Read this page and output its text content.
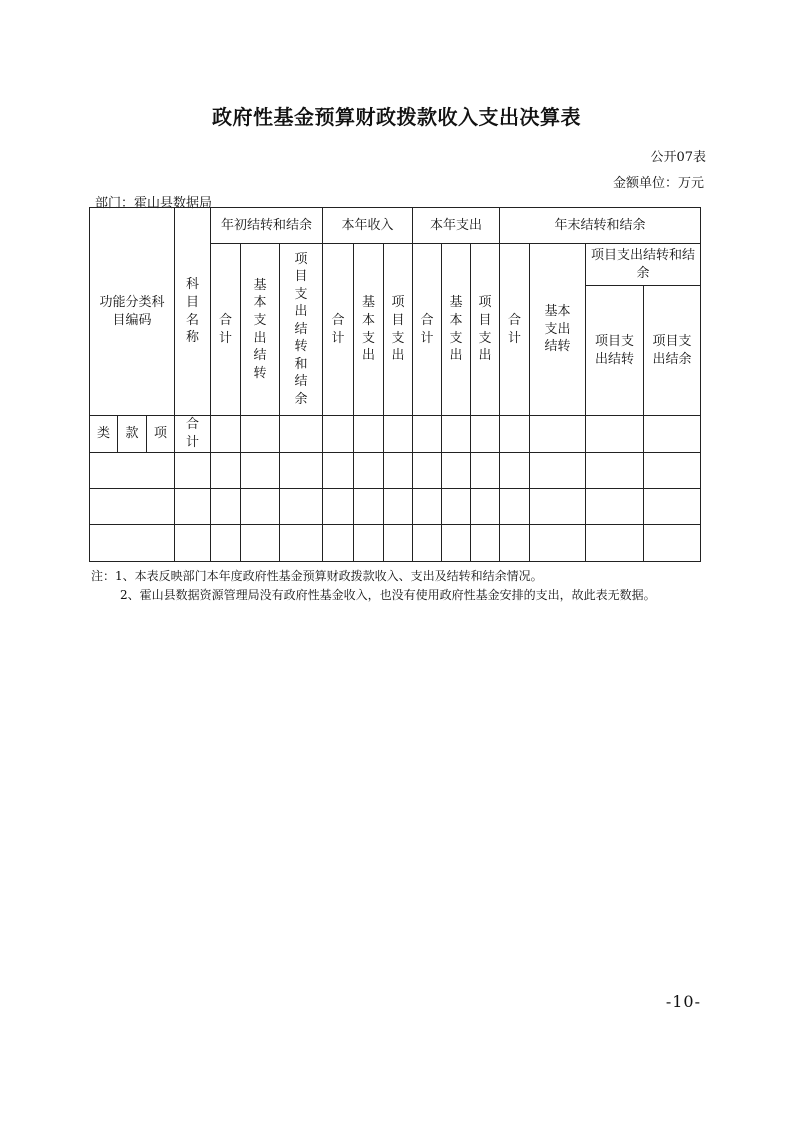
政府性基金预算财政拨款收入支出决算表
公开07表
金额单位：万元
部门：霍山县数据局
功能分类科目编码			科目名称	年初结转和结余			本年收入			本年支出			年末结转和结余			

				合计	基本支出结转	项目支出结转和结余	合计	基本支出	项目支出	合计	基本支出	项目支出	合计	基本支出结转	项目支出结转和结余	

															项目支出结转	项目支出结余

类	款	项	合计													

注：1、本表反映部门本年度政府性基金预算财政拨款收入、支出及结转和结余情况。
2、霍山县数据资源管理局没有政府性基金收入，也没有使用政府性基金安排的支出，故此表无数据。
-10-
